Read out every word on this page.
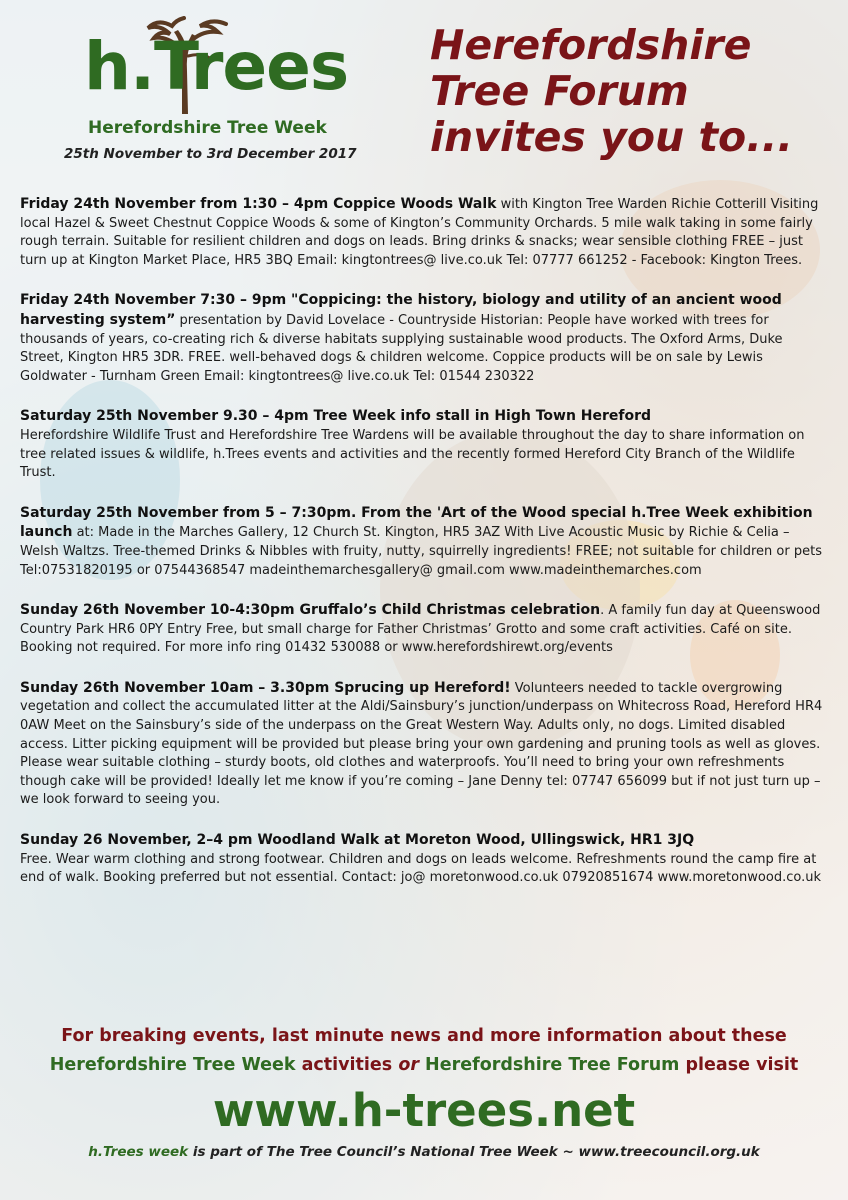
h.Trees
Herefordshire Tree Week
25th November to 3rd December 2017
Herefordshire
Tree Forum
invites you to...
Friday 24th November from 1:30 – 4pm Coppice Woods Walk with Kington Tree Warden Richie Cotterill Visiting local Hazel & Sweet Chestnut Coppice Woods & some of Kington’s Community Orchards. 5 mile walk taking in some fairly rough terrain. Suitable for resilient children and dogs on leads. Bring drinks & snacks; wear sensible clothing FREE – just turn up at Kington Market Place, HR5 3BQ Email: kingtontrees@ live.co.uk Tel: 07777 661252 - Facebook: Kington Trees.
Friday 24th November 7:30 – 9pm "Coppicing: the history, biology and utility of an ancient wood harvesting system” presentation by David Lovelace - Countryside Historian: People have worked with trees for thousands of years, co-creating rich & diverse habitats supplying sustainable wood products. The Oxford Arms, Duke Street, Kington HR5 3DR. FREE. well-behaved dogs & children welcome. Coppice products will be on sale by Lewis Goldwater - Turnham Green Email: kingtontrees@ live.co.uk Tel: 01544 230322
Saturday 25th November 9.30 – 4pm Tree Week info stall in High Town Hereford
Herefordshire Wildlife Trust and Herefordshire Tree Wardens will be available throughout the day to share information on tree related issues & wildlife, h.Trees events and activities and the recently formed Hereford City Branch of the Wildlife Trust.
Saturday 25th November from 5 – 7:30pm. From the 'Art of the Wood special h.Tree Week exhibition launch at: Made in the Marches Gallery, 12 Church St. Kington, HR5 3AZ With Live Acoustic Music by Richie & Celia – Welsh Waltzs. Tree-themed Drinks & Nibbles with fruity, nutty, squirrelly ingredients! FREE; not suitable for children or pets Tel:07531820195 or 07544368547 madeinthemarchesgallery@ gmail.com www.madeinthemarches.com
Sunday 26th November 10-4:30pm Gruffalo’s Child Christmas celebration. A family fun day at Queenswood Country Park HR6 0PY Entry Free, but small charge for Father Christmas’ Grotto and some craft activities. Café on site. Booking not required. For more info ring 01432 530088 or www.herefordshirewt.org/events
Sunday 26th November 10am – 3.30pm Sprucing up Hereford! Volunteers needed to tackle overgrowing vegetation and collect the accumulated litter at the Aldi/Sainsbury’s junction/underpass on Whitecross Road, Hereford HR4 0AW Meet on the Sainsbury’s side of the underpass on the Great Western Way. Adults only, no dogs. Limited disabled access. Litter picking equipment will be provided but please bring your own gardening and pruning tools as well as gloves. Please wear suitable clothing – sturdy boots, old clothes and waterproofs. You’ll need to bring your own refreshments though cake will be provided! Ideally let me know if you’re coming – Jane Denny tel: 07747 656099 but if not just turn up – we look forward to seeing you.
Sunday 26 November, 2–4 pm Woodland Walk at Moreton Wood, Ullingswick, HR1 3JQ
Free. Wear warm clothing and strong footwear. Children and dogs on leads welcome. Refreshments round the camp fire at end of walk. Booking preferred but not essential. Contact: jo@ moretonwood.co.uk 07920851674 www.moretonwood.co.uk
For breaking events, last minute news and more information about these
Herefordshire Tree Week activities or Herefordshire Tree Forum please visit
www.h-trees.net
h.Trees week is part of The Tree Council’s National Tree Week ~ www.treecouncil.org.uk
